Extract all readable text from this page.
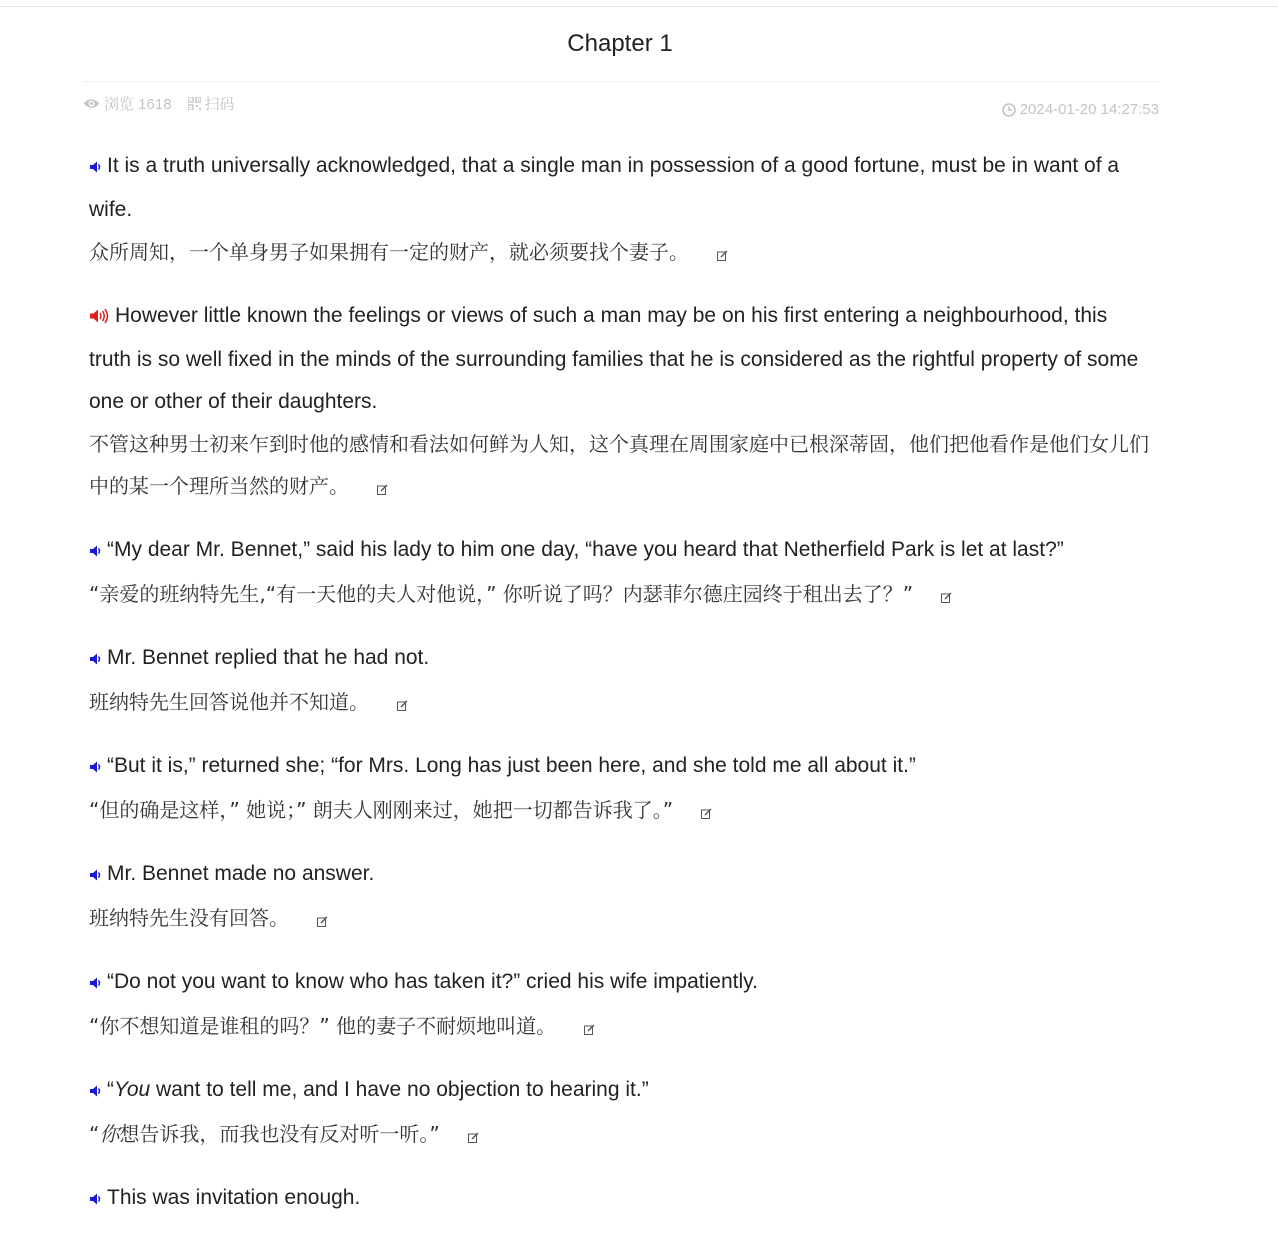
Chapter 1
浏览 1618 扫码	2024-01-20 14:27:53
It is a truth universally acknowledged, that a single man in possession of a good fortune, must be in want of a wife.
众所周知，一个单身男子如果拥有一定的财产，就必须要找个妻子。
However little known the feelings or views of such a man may be on his first entering a neighbourhood, this truth is so well fixed in the minds of the surrounding families that he is considered as the rightful property of some one or other of their daughters.
不管这种男士初来乍到时他的感情和看法如何鲜为人知，这个真理在周围家庭中已根深蒂固，他们把他看作是他们女儿们中的某一个理所当然的财产。
“My dear Mr. Bennet,” said his lady to him one day, “have you heard that Netherfield Park is let at last?”
“亲爱的班纳特先生,“有一天他的夫人对他说，” 你听说了吗？内瑟菲尔德庄园终于租出去了？”
Mr. Bennet replied that he had not.
班纳特先生回答说他并不知道。
“But it is,” returned she; “for Mrs. Long has just been here, and she told me all about it.”
“但的确是这样，” 她说；” 朗夫人刚刚来过，她把一切都告诉我了。”
Mr. Bennet made no answer.
班纳特先生没有回答。
“Do not you want to know who has taken it?” cried his wife impatiently.
“你不想知道是谁租的吗？” 他的妻子不耐烦地叫道。
“You want to tell me, and I have no objection to hearing it.”
“你想告诉我，而我也没有反对听一听。”
This was invitation enough.
